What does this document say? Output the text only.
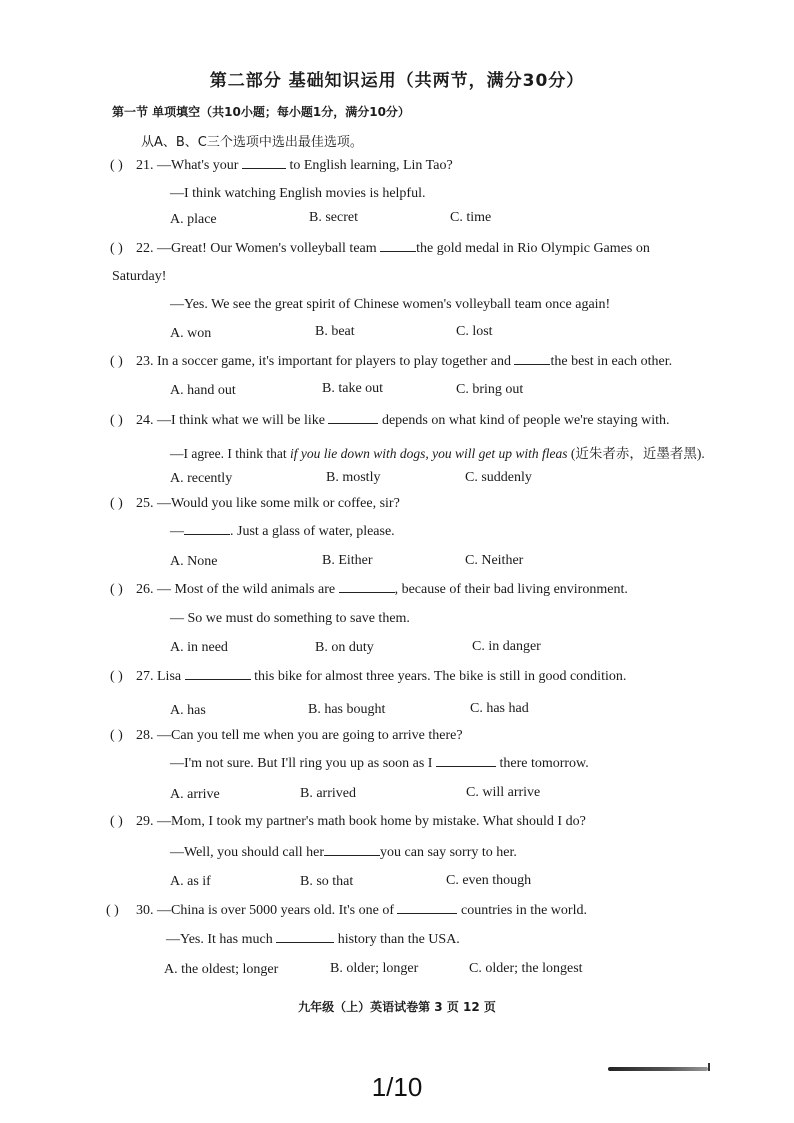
第二部分 基础知识运用（共两节，满分30分）
第一节 单项填空（共10小题；每小题1分，满分10分）
从A、B、C三个选项中选出最佳选项。
( ) 21. —What's your	to English learning, Lin Tao?
—I think watching English movies is helpful.
A. place	B. secret	C. time
( ) 22. —Great! Our Women's volleyball team	the gold medal in Rio Olympic Games on
Saturday!
—Yes. We see the great spirit of Chinese women's volleyball team once again!
A. won	B. beat	C. lost
( ) 23. In a soccer game, it's important for players to play together and	the best in each other.
A. hand out	B. take out	C. bring out
( ) 24. —I think what we will be like	depends on what kind of people we're staying with.
—I agree. I think that if you lie down with dogs, you will get up with fleas (近朱者赤，近墨者黑).
A. recently	B. mostly	C. suddenly
( ) 25. —Would you like some milk or coffee, sir?
—	. Just a glass of water, please.
A. None	B. Either	C. Neither
( ) 26. — Most of the wild animals are	, because of their bad living environment.
— So we must do something to save them.
A. in need	B. on duty	C. in danger
( ) 27. Lisa	this bike for almost three years. The bike is still in good condition.
A. has	B. has bought	C. has had
( ) 28. —Can you tell me when you are going to arrive there?
—I'm not sure. But I'll ring you up as soon as I	there tomorrow.
A. arrive	B. arrived	C. will arrive
( ) 29. —Mom, I took my partner's math book home by mistake. What should I do?
—Well, you should call her	you can say sorry to her.
A. as if	B. so that	C. even though
( ) 30. —China is over 5000 years old. It's one of	countries in the world.
—Yes. It has much	history than the USA.
A. the oldest; longer	B. older; longer	C. older; the longest
九年级（上）英语试卷第 3 页 12 页
1/10
